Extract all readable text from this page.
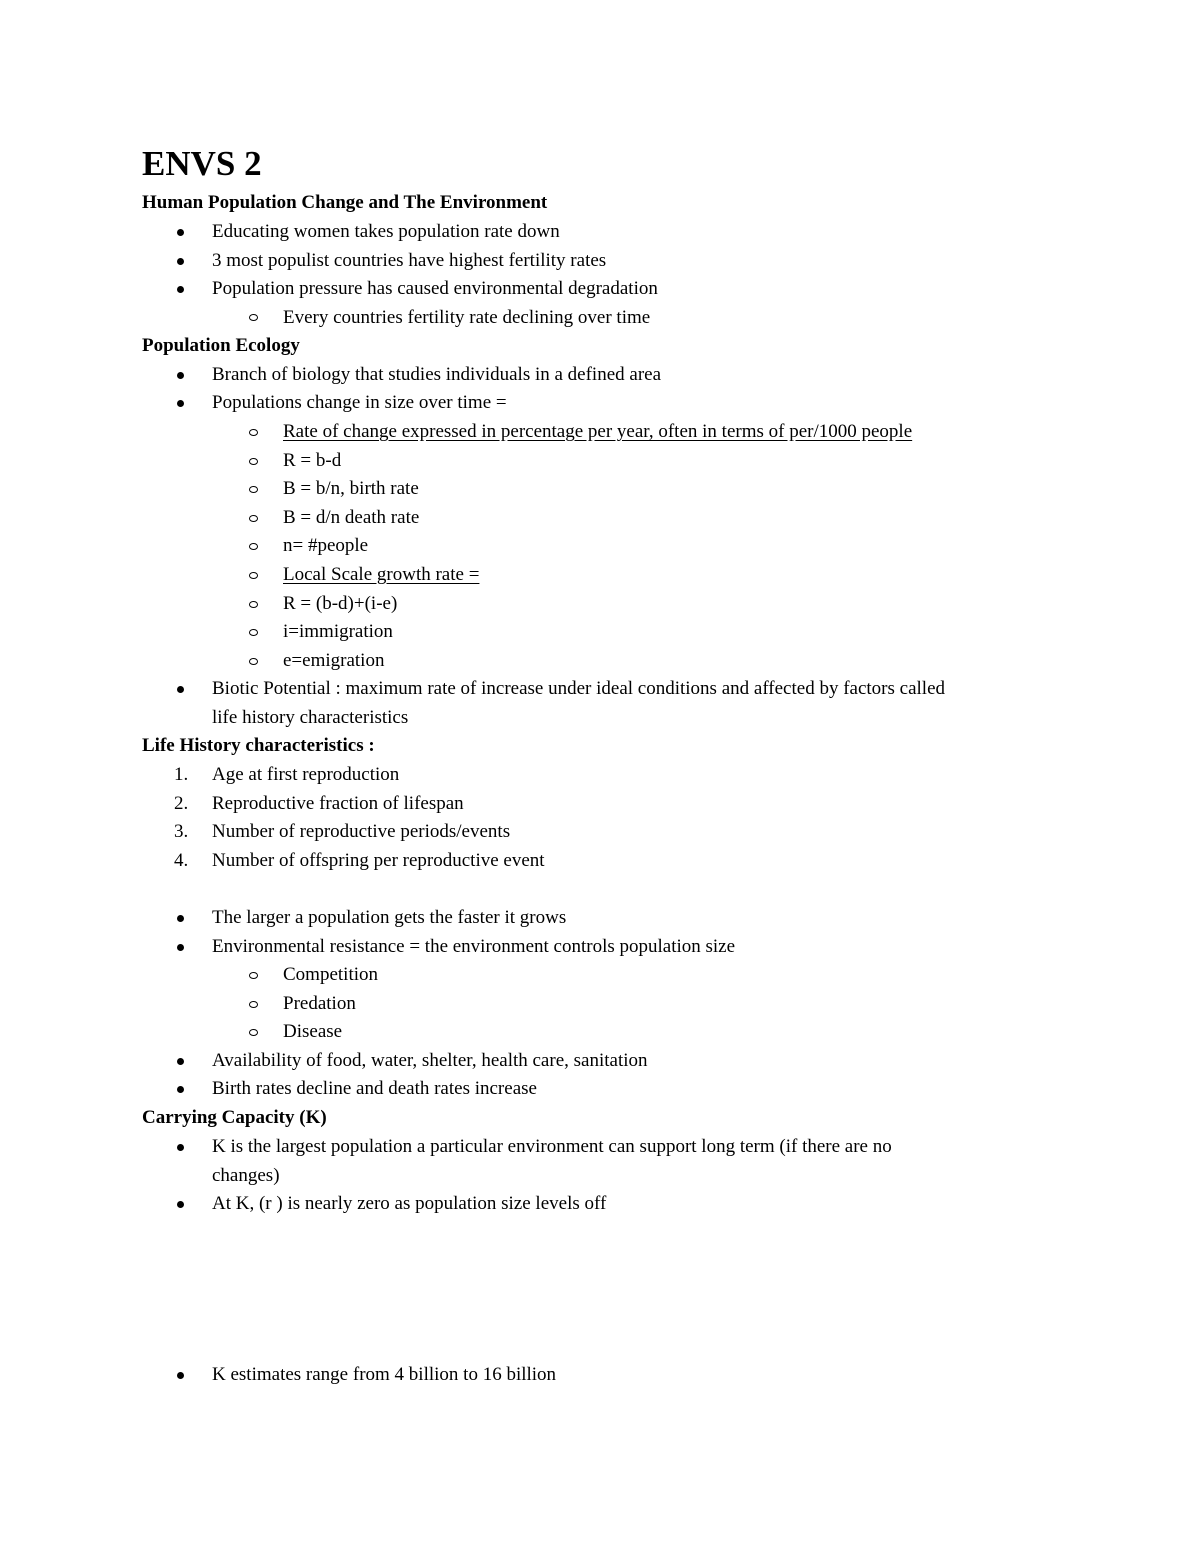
ENVS 2
Human Population Change and The Environment
Educating women takes population rate down
3 most populist countries have highest fertility rates
Population pressure has caused environmental degradation
Every countries fertility rate declining over time
Population Ecology
Branch of biology that studies individuals in a defined area
Populations change in size over time =
Rate of change expressed in percentage per year, often in terms of per/1000 people
R = b-d
B = b/n, birth rate
B = d/n death rate
n= #people
Local Scale growth rate =
R = (b-d)+(i-e)
i=immigration
e=emigration
Biotic Potential : maximum rate of increase under ideal conditions and affected by factors called
life history characteristics
Life History characteristics :
1. Age at first reproduction
2. Reproductive fraction of lifespan
3. Number of reproductive periods/events
4. Number of offspring per reproductive event
The larger a population gets the faster it grows
Environmental resistance = the environment controls population size
Competition
Predation
Disease
Availability of food, water, shelter, health care, sanitation
Birth rates decline and death rates increase
Carrying Capacity (K)
K is the largest population a particular environment can support long term (if there are no
changes)
At K, (r ) is nearly zero as population size levels off
K estimates range from 4 billion to 16 billion
